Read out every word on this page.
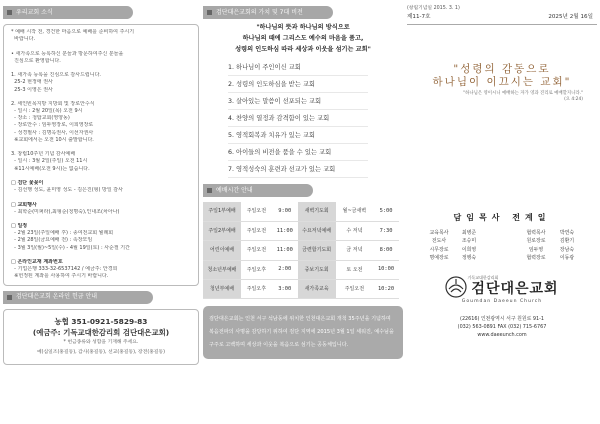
우리교회 소식
* 예배 시작 전, 경건한 마음으로 예배를 준비하여 주시기
바랍니다.
• 새가족으로 등록하신 분들과 방문하여주신 분들을
진심으로 환영합니다.
1. 새가족 등록을 진심으로 감사드립니다.
25-2 현정애 권사
25-3 이영은 권사
2. 세인빈목지방 지방회 및 장로안수식
- 일시 : 2월 20일(목) 오전 9시
- 장소 : 청탑교회(영양동)
- 장로안수 : 임두영장로, 이희영장로
- 성경필사 : 김명옥권사, 이선자권사
※교회에서는 오전 10시 출발합니다.
3. 창립10주년 기념 감사예배
- 일시 : 3월 2일(주일) 오전 11시
※11시예배(오전 9시)는 없습니다.
□ 검단 꽃꽂이
- 김선행 성도, 윤미영 성도 - 김은진(형) 방일 감사
□ 교회행사
- 최학순(미퍼라),최형순(청명숙),인내조(차아나)
□ 일정
- 2월 23일(주일예배 후) : 종여전교회 월례회
- 2월 28일(금요예배 전) : 속장모임
- 3월 3일(월)~5일(수) - 4월 19일(토) : 사순절 기간
□ 온라인교재 계좌번호
- 기업은행 333-32-6537142 / 예금주: 안경희
※헌정된 계좌를 사용하여 주시기 바랍니다.
검단대은교회 온라인 헌금 안내
농협 351-0921-5829-83
(예금주: 기독교대한감리회 검단대은교회)
* 헌금종류와 성함을 기재해 주세요.
예)십일조(홍길동), 감사(홍길동), 선교(홍길동), 장전(홍길동)
검단대은교회의 가치 및 7대 비전
"하나님의 뜻과 하나님의 방식으로
하나님의 때에 그리스도 예수의 마음을 품고,
성령의 인도하심 따라 세상과 이웃을 섬기는 교회"
1. 하나님이 주인이신 교회
2. 성령의 인도하심을 받는 교회
3. 살아있는 말씀이 선포되는 교회
4. 찬양의 열정과 감격함이 있는 교회
5. 영적회복과 치유가 있는 교회
6. 아이들의 비전을 품을 수 있는 교회
7. 영적성숙의 훈련과 선교가 있는 교회
예배시간 안내
주일1부예배	주일오전	9:00	새벽기도회	월~금새벽	5:00
주일2부예배	주일오전	11:00	수요저녁예배	수 저녁	7:30
어린이예배	주일오전	11:00	금련합기도회	금 저녁	8:00
청소년부예배	주일오후	2:00	중보기도회	토 오전	10:00
청년부예배	주일오후	3:00	새가족교육	주일오전	10:20
검단대은교회는 인천 서구 석남동에 위치한 인천대은교회 개척 35주년을 기념하며 복음전파의 사명을 감당하기 위하여 검단 지역에 2015년 3월 1일 세워진, 예수님을 구주로 고백하며 세상과 이웃을 복음으로 섬기는 공동체입니다.
(창립기념일 2015. 3. 1)
제11-7호	2025년 2월 16일
"성령의 감동으로
하나님이 이끄시는 교회"
"하나님은 영이시니 예배하는 자가 영과 진리로 예배할지니라."
(요 4:24)
담임목사 전계일
교육목사	최병준	협력목사	박연숙
전도사	조승미	원로장로	김환기
시무장로	이희영	임두영	장남숙
명예장로	정행숙	협력장로	이동광
기독교대한감리회
검단대은교회
Goumdan Daeeun Church
(22616) 인천광역시 서구 원원로 91-1
(032) 563-0891 FAX (032) 715-6767
www.daeeunch.com
